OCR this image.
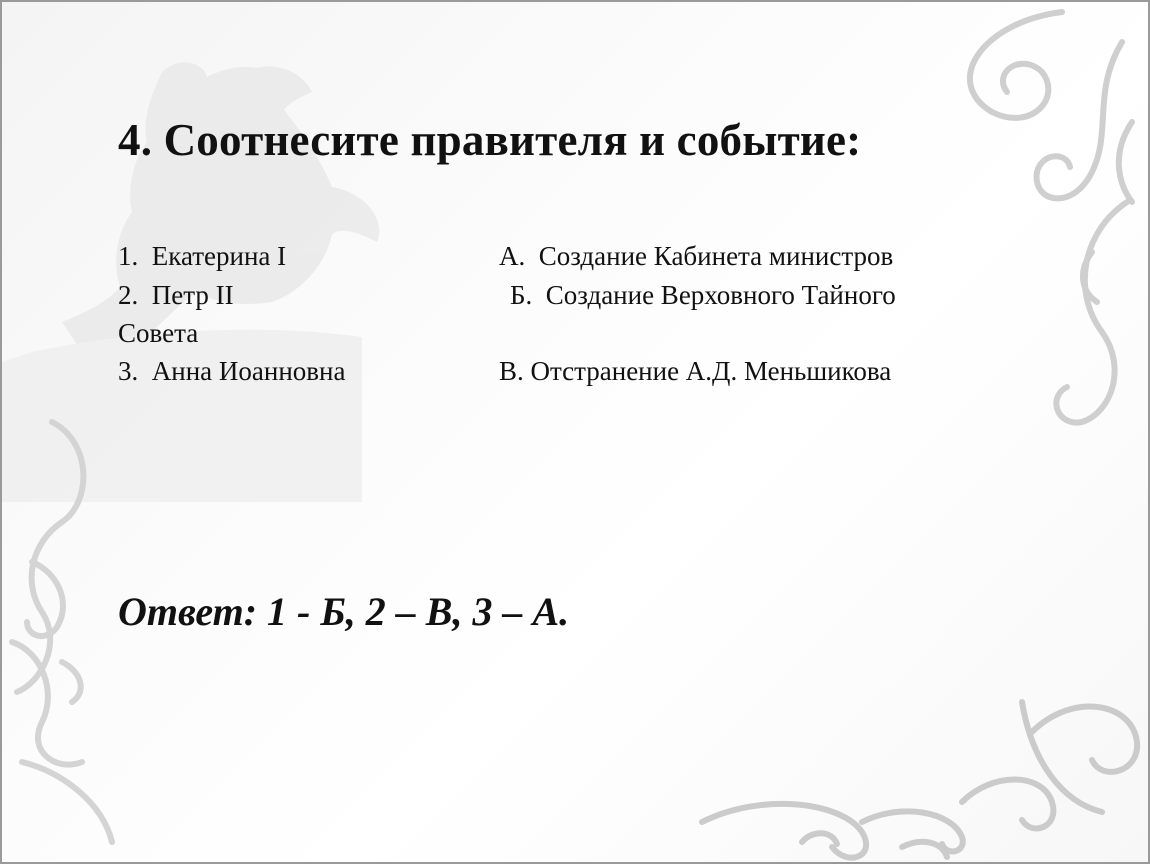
4. Соотнесите правителя и событие:
1. Екатерина I	А. Создание Кабинета министров
2. Петр II	Б. Создание Верховного Тайного
Совета
3. Анна Иоанновна	В. Отстранение А.Д. Меньшикова
Ответ: 1 - Б, 2 – В, 3 – А.
